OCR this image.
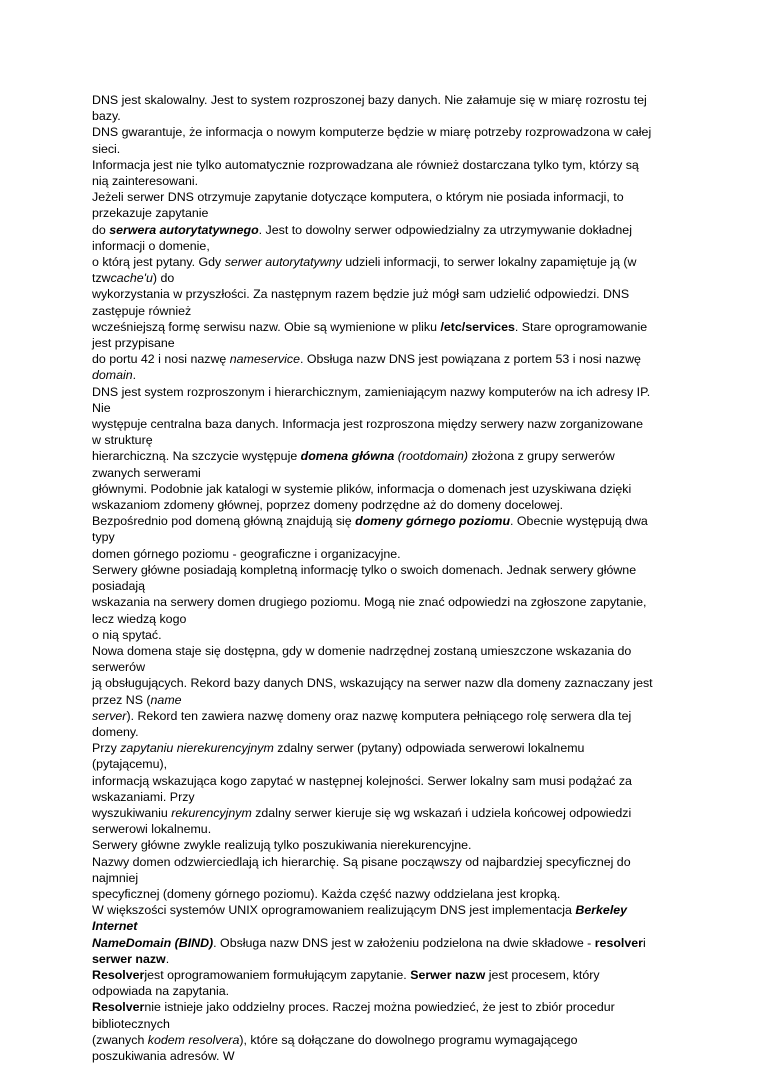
DNS jest skalowalny. Jest to system rozproszonej bazy danych. Nie załamuje się w miarę rozrostu tej
bazy.
DNS gwarantuje, że informacja o nowym komputerze będzie w miarę potrzeby rozprowadzona w całej
sieci.
Informacja jest nie tylko automatycznie rozprowadzana ale również dostarczana tylko tym, którzy są
nią zainteresowani.
Jeżeli serwer DNS otrzymuje zapytanie dotyczące komputera, o którym nie posiada informacji, to
przekazuje zapytanie
do serwera autorytatywnego. Jest to dowolny serwer odpowiedzialny za utrzymywanie dokładnej
informacji o domenie,
o którą jest pytany. Gdy serwer autorytatywny udzieli informacji, to serwer lokalny zapamiętuje ją (w
tzwcache'u) do
wykorzystania w przyszłości. Za następnym razem będzie już mógł sam udzielić odpowiedzi. DNS
zastępuje również
wcześniejszą formę serwisu nazw. Obie są wymienione w pliku /etc/services. Stare oprogramowanie
jest przypisane
do portu 42 i nosi nazwę nameservice. Obsługa nazw DNS jest powiązana z portem 53 i nosi nazwę
domain.
DNS jest system rozproszonym i hierarchicznym, zamieniającym nazwy komputerów na ich adresy IP.
Nie
występuje centralna baza danych. Informacja jest rozproszona między serwery nazw zorganizowane
w strukturę
hierarchiczną. Na szczycie występuje domena główna (rootdomain) złożona z grupy serwerów
zwanych serwerami
głównymi. Podobnie jak katalogi w systemie plików, informacja o domenach jest uzyskiwana dzięki
wskazaniom zdomeny głównej, poprzez domeny podrzędne aż do domeny docelowej.
Bezpośrednio pod domeną główną znajdują się domeny górnego poziomu. Obecnie występują dwa
typy
domen górnego poziomu - geograficzne i organizacyjne.
Serwery główne posiadają kompletną informację tylko o swoich domenach. Jednak serwery główne
posiadają
wskazania na serwery domen drugiego poziomu. Mogą nie znać odpowiedzi na zgłoszone zapytanie,
lecz wiedzą kogo
o nią spytać.
Nowa domena staje się dostępna, gdy w domenie nadrzędnej zostaną umieszczone wskazania do
serwerów
ją obsługujących. Rekord bazy danych DNS, wskazujący na serwer nazw dla domeny zaznaczany jest
przez NS (name
server). Rekord ten zawiera nazwę domeny oraz nazwę komputera pełniącego rolę serwera dla tej
domeny.
Przy zapytaniu nierekurencyjnym zdalny serwer (pytany) odpowiada serwerowi lokalnemu
(pytającemu),
informacją wskazująca kogo zapytać w następnej kolejności. Serwer lokalny sam musi podążać za
wskazaniami. Przy
wyszukiwaniu rekurencyjnym zdalny serwer kieruje się wg wskazań i udziela końcowej odpowiedzi
serwerowi lokalnemu.
Serwery główne zwykle realizują tylko poszukiwania nierekurencyjne.
Nazwy domen odzwierciedlają ich hierarchię. Są pisane począwszy od najbardziej specyficznej do
najmniej
specyficznej (domeny górnego poziomu). Każda część nazwy oddzielana jest kropką.
W większości systemów UNIX oprogramowaniem realizującym DNS jest implementacja Berkeley
Internet
NameDomain (BIND). Obsługa nazw DNS jest w założeniu podzielona na dwie składowe - resolveri
serwer nazw.
Resolverjest oprogramowaniem formułującym zapytanie. Serwer nazw jest procesem, który
odpowiada na zapytania.
Resolvernie istnieje jako oddzielny proces. Raczej można powiedzieć, że jest to zbiór procedur
bibliotecznych
(zwanych kodem resolvera), które są dołączane do dowolnego programu wymagającego
poszukiwania adresów. W
